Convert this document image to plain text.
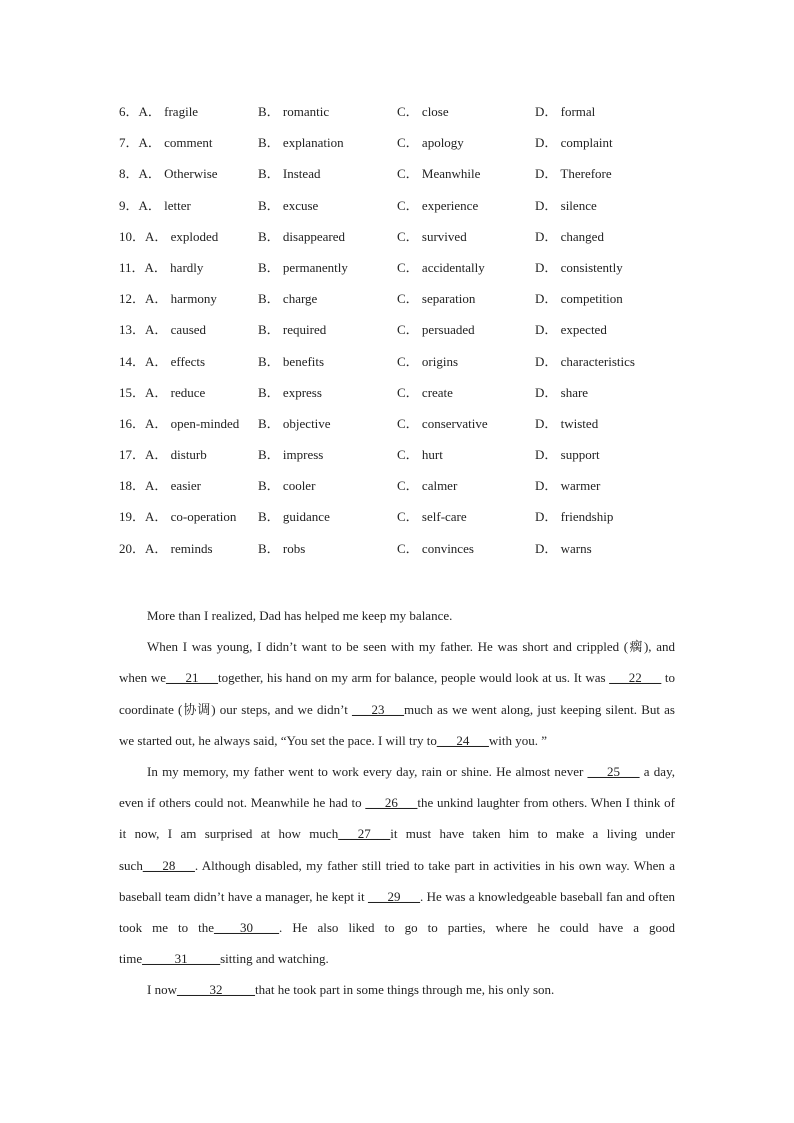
6．A． fragile	B． romantic	C． close	D． formal
7．A． comment	B． explanation	C． apology	D． complaint
8．A． Otherwise	B． Instead	C． Meanwhile	D． Therefore
9．A． letter	B． excuse	C． experience	D． silence
10．A． exploded	B． disappeared	C． survived	D． changed
11．A． hardly	B． permanently	C． accidentally	D． consistently
12．A． harmony	B． charge	C． separation	D． competition
13．A． caused	B． required	C． persuaded	D． expected
14．A． effects	B． benefits	C． origins	D． characteristics
15．A． reduce	B． express	C． create	D． share
16．A． open-minded B． objective	C． conservative	D． twisted
17．A． disturb	B． impress	C． hurt	D． support
18．A． easier	B． cooler	C． calmer	D． warmer
19．A． co-operation B． guidance	C． self-care	D． friendship
20．A． reminds	B． robs	C． convinces	D． warns

More than I realized, Dad has helped me keep my balance.

When I was young, I didn’t want to be seen with my father. He was short and crippled (瘸), and when we___21___together, his hand on my arm for balance, people would look at us. It was ___22___ to coordinate (协调) our steps, and we didn’t ___23___much as we went along, just keeping silent. But as we started out, he always said, “You set the pace. I will try to___24___with you. ”

In my memory, my father went to work every day, rain or shine. He almost never ___25___ a day, even if others could not. Meanwhile he had to ___26___the unkind laughter from others. When I think of it now, I am surprised at how much___27___it must have taken him to make a living under such___28___. Although disabled, my father still tried to take part in activities in his own way. When a baseball team didn’t have a manager, he kept it ___29___. He was a knowledgeable baseball fan and often took me to the____30____. He also liked to go to parties, where he could have a good time_____31_____sitting and watching.

I now_____32_____that he took part in some things through me, his only son.
